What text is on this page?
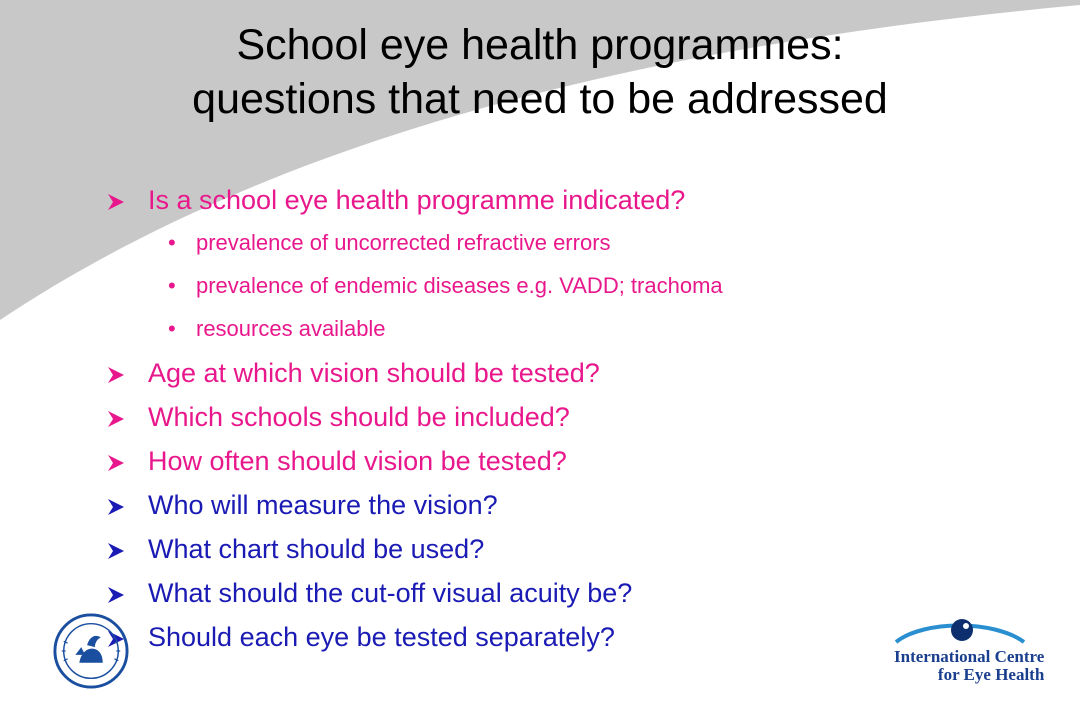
School eye health programmes:
questions that need to be addressed
Is a school eye health programme indicated?
• prevalence of uncorrected refractive errors
• prevalence of endemic diseases e.g. VADD; trachoma
• resources available
Age at which vision should be tested?
Which schools should be included?
How often should vision be tested?
Who will measure the vision?
What chart should be used?
What should the cut-off visual acuity be?
Should each eye be tested separately?
International Centre
for Eye Health
